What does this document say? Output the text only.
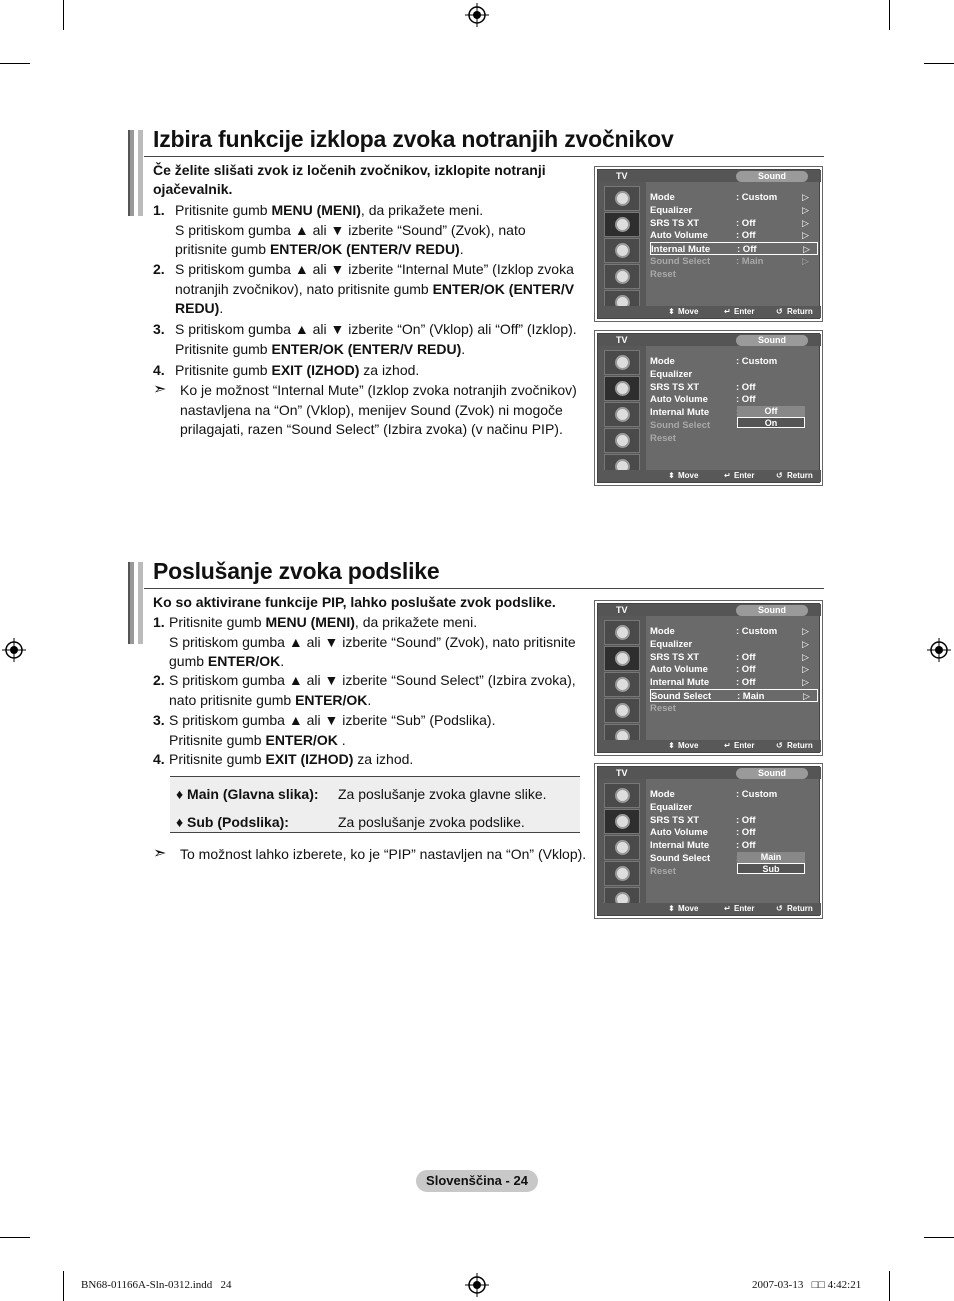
Izbira funkcije izklopa zvoka notranjih zvočnikov
Če želite slišati zvok iz ločenih zvočnikov, izklopite notranji ojačevalnik.
1. Pritisnite gumb MENU (MENI), da prikažete meni.
S pritiskom gumba ▲ ali ▼ izberite “Sound” (Zvok), nato
pritisnite gumb ENTER/OK (ENTER/V REDU).
2. S pritiskom gumba ▲ ali ▼ izberite “Internal Mute” (Izklop zvoka
notranjih zvočnikov), nato pritisnite gumb ENTER/OK (ENTER/V
REDU).
3. S pritiskom gumba ▲ ali ▼ izberite “On” (Vklop) ali “Off” (Izklop).
Pritisnite gumb ENTER/OK (ENTER/V REDU).
4. Pritisnite gumb EXIT (IZHOD) za izhod.
➣ Ko je možnost “Internal Mute” (Izklop zvoka notranjih zvočnikov)
nastavljena na “On” (Vklop), menijev Sound (Zvok) ni mogoče
prilagajati, razen “Sound Select” (Izbira zvoka) (v načinu PIP).
Poslušanje zvoka podslike
Ko so aktivirane funkcije PIP, lahko poslušate zvok podslike.
1. Pritisnite gumb MENU (MENI), da prikažete meni.
S pritiskom gumba ▲ ali ▼ izberite “Sound” (Zvok), nato pritisnite
gumb ENTER/OK.
2. S pritiskom gumba ▲ ali ▼ izberite “Sound Select” (Izbira zvoka),
nato pritisnite gumb ENTER/OK.
3. S pritiskom gumba ▲ ali ▼ izberite “Sub” (Podslika).
Pritisnite gumb ENTER/OK .
4. Pritisnite gumb EXIT (IZHOD) za izhod.
♦ Main (Glavna slika): Za poslušanje zvoka glavne slike.
♦ Sub (Podslika):	Za poslušanje zvoka podslike.
➣ To možnost lahko izberete, ko je “PIP” nastavljen na “On” (Vklop).
TV	Sound
Mode	: Custom	▷
Equalizer	▷
SRS TS XT	: Off	▷
Auto Volume	: Off	▷
Internal Mute	: Off	▷
Sound Select	: Main	▷
Reset
⬍ Move	↵ Enter	↺ Return
TV	Sound
Mode	: Custom
Equalizer
SRS TS XT	: Off
Auto Volume	: Off
Internal Mute
Sound Select
Reset
Off
On
⬍ Move	↵ Enter	↺ Return
TV	Sound
Mode	: Custom	▷
Equalizer	▷
SRS TS XT	: Off	▷
Auto Volume	: Off	▷
Internal Mute	: Off	▷
Sound Select	: Main	▷
Reset
⬍ Move	↵ Enter	↺ Return
TV	Sound
Mode	: Custom
Equalizer
SRS TS XT	: Off
Auto Volume	: Off
Internal Mute	: Off
Sound Select
Reset
Main
Sub
⬍ Move	↵ Enter	↺ Return
Slovenščina - 24
BN68-01166A-Sln-0312.indd   24	2007-03-13   □□ 4:42:21
